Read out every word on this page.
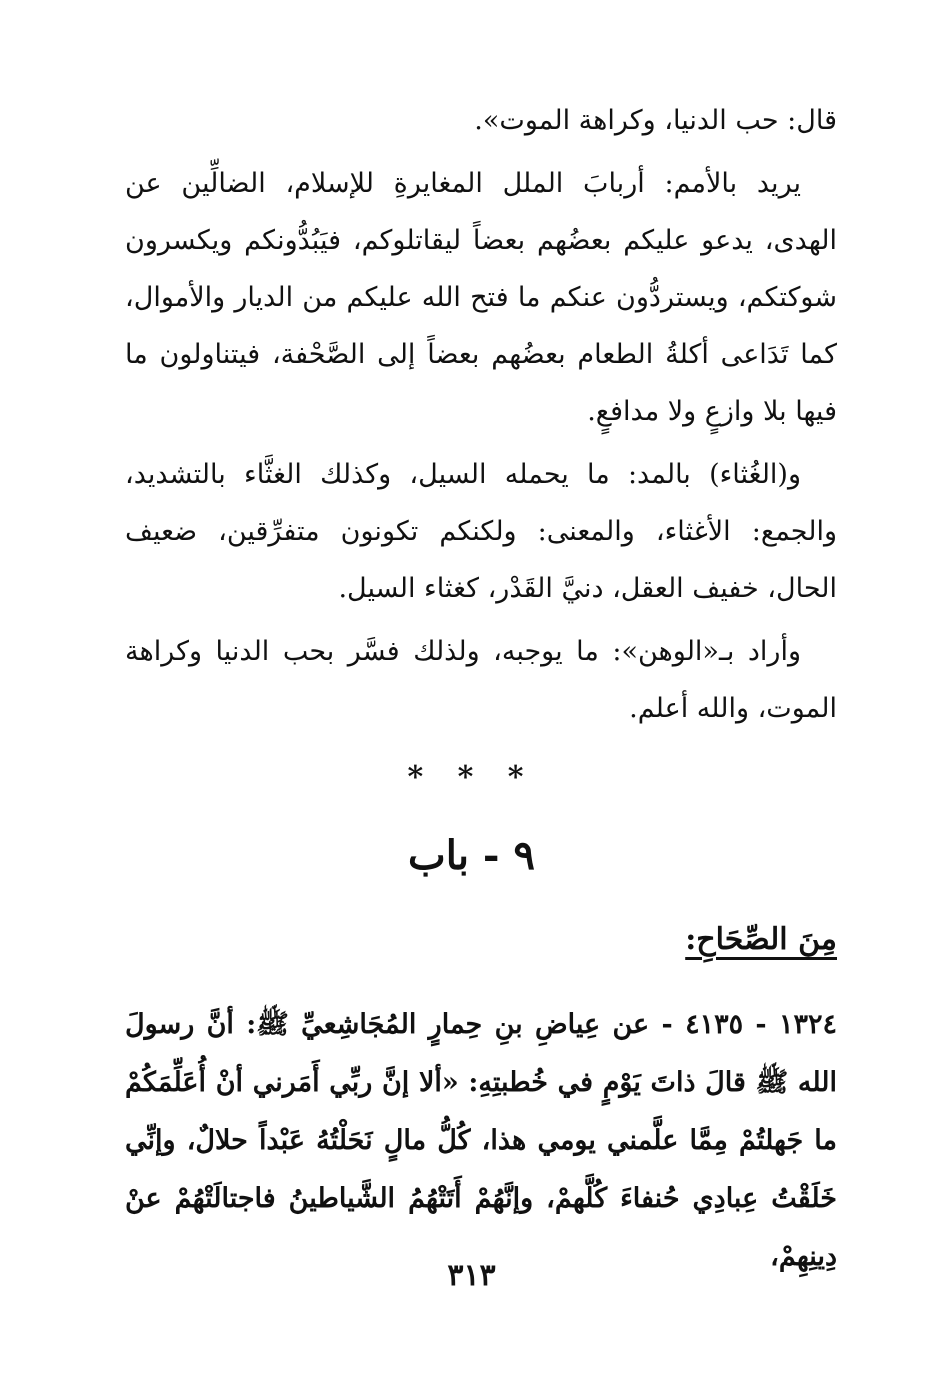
قال: حب الدنيا، وكراهة الموت».

يريد بالأمم: أربابَ الملل المغايرةِ للإسلام، الضالِّين عن الهدى، يدعو عليكم بعضُهم بعضاً ليقاتلوكم، فيَبُدُّونكم ويكسرون شوكتكم، ويستردُّون عنكم ما فتح الله عليكم من الديار والأموال، كما تَدَاعى أكلةُ الطعام بعضُهم بعضاً إلى الصَّحْفة، فيتناولون ما فيها بلا وازعٍ ولا مدافعٍ.

و(الغُثاء) بالمد: ما يحمله السيل، وكذلك الغثَّاء بالتشديد، والجمع: الأغثاء، والمعنى: ولكنكم تكونون متفرِّقين، ضعيف الحال، خفيف العقل، دنيَّ القَدْر، كغثاء السيل.

وأراد بـ«الوهن»: ما يوجبه، ولذلك فسَّر بحب الدنيا وكراهة الموت، والله أعلم.

* * *
٩ - باب
مِنَ الصِّحَاحِ:
١٣٢٤ - ٤١٣٥ - عن عِياضِ بنِ حِمارٍ المُجَاشِعيِّ ﷺ: أنَّ رسولَ الله ﷺ قالَ ذاتَ يَوْمٍ في خُطبتِهِ: «ألا إنَّ ربِّي أَمَرني أنْ أُعَلِّمَكُمْ ما جَهلتُمْ مِمَّا علَّمني يومي هذا، كُلُّ مالٍ نَحَلْتُهُ عَبْداً حلالٌ، وإنِّي خَلَقْتُ عِبادِي حُنفاءَ كُلَّهمْ، وإنَّهُمْ أَتَتْهُمُ الشَّياطينُ فاجتالَتْهُمْ عنْ دِينِهِمْ،
٣١٣
